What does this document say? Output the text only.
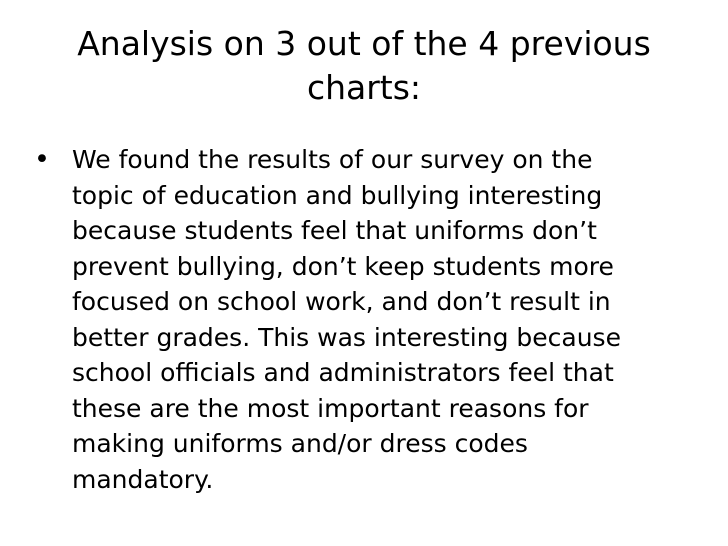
Analysis on 3 out of the 4 previous
charts:
• We found the results of our survey on the
topic of education and bullying interesting
because students feel that uniforms don’t
prevent bullying, don’t keep students more
focused on school work, and don’t result in
better grades. This was interesting because
school officials and administrators feel that
these are the most important reasons for
making uniforms and/or dress codes
mandatory.
